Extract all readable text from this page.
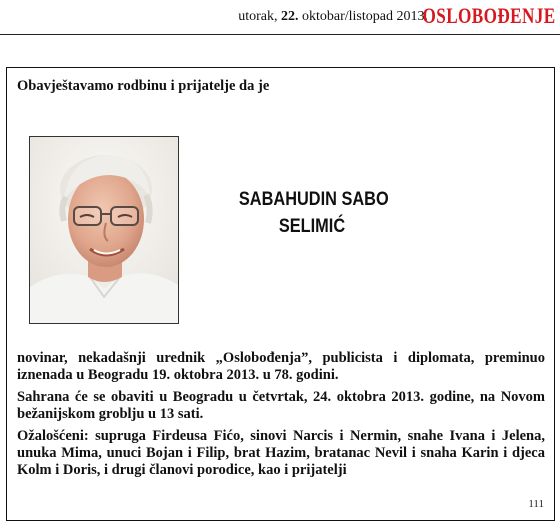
utorak, 22. oktobar/listopad 2013.
OSLOBOĐENJE
Obavještavamo rodbinu i prijatelje da je
SABAHUDIN SABO
SELIMIĆ

novinar, nekadašnji urednik „Oslobođenja”, publicista i diplomata, preminuo iznenada u Beogradu 19. oktobra 2013. u 78. godini.

Sahrana će se obaviti u Beogradu u četvrtak, 24. oktobra 2013. godine, na Novom bežanijskom groblju u 13 sati.

Ožalošćeni: supruga Firdeusa Fićo, sinovi Narcis i Nermin, snahe Ivana i Jelena, unuka Mima, unuci Bojan i Filip, brat Hazim, bratanac Nevil i snaha Karin i djeca Kolm i Doris, i drugi članovi porodice, kao i prijatelji

111
